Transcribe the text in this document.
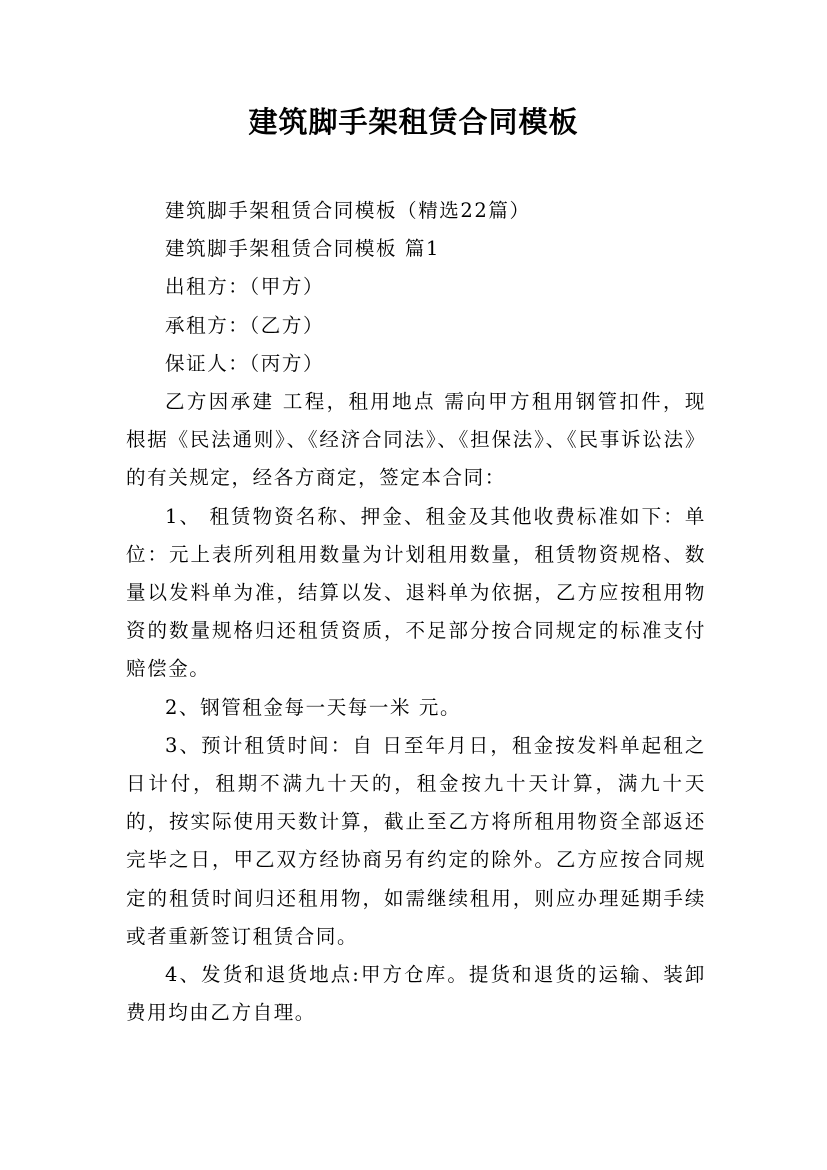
建筑脚手架租赁合同模板

建筑脚手架租赁合同模板（精选22篇）

建筑脚手架租赁合同模板 篇1

出租方：（甲方）

承租方：（乙方）

保证人：（丙方）

乙方因承建 工程，租用地点 需向甲方租用钢管扣件，现根据《民法通则》、《经济合同法》、《担保法》、《民事诉讼法》的有关规定，经各方商定，签定本合同：

1、 租赁物资名称、押金、租金及其他收费标准如下：单位：元上表所列租用数量为计划租用数量，租赁物资规格、数量以发料单为准，结算以发、退料单为依据，乙方应按租用物资的数量规格归还租赁资质，不足部分按合同规定的标准支付赔偿金。

2、钢管租金每一天每一米 元。

3、预计租赁时间：自 日至年月日，租金按发料单起租之日计付，租期不满九十天的，租金按九十天计算，满九十天的，按实际使用天数计算，截止至乙方将所租用物资全部返还完毕之日，甲乙双方经协商另有约定的除外。乙方应按合同规定的租赁时间归还租用物，如需继续租用，则应办理延期手续或者重新签订租赁合同。

4、发货和退货地点:甲方仓库。提货和退货的运输、装卸费用均由乙方自理。
